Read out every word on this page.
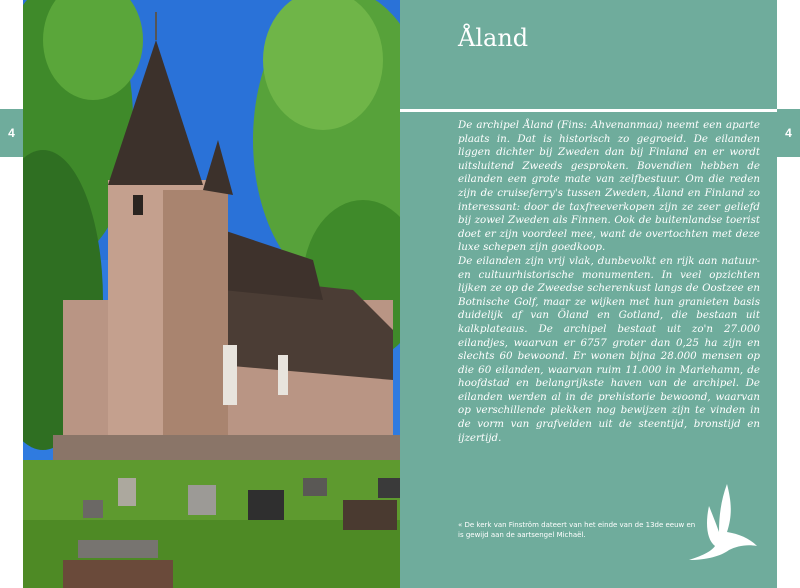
4	4
Åland

De archipel Åland (Fins: Ahvenanmaa) neemt een aparte plaats in. Dat is historisch zo gegroeid. De eilanden liggen dichter bij Zweden dan bij Finland en er wordt uitsluitend Zweeds gesproken. Bovendien hebben de eilanden een grote mate van zelfbestuur. Om die reden zijn de cruiseferry's tussen Zweden, Åland en Finland zo interessant: door de taxfreeverkopen zijn ze zeer geliefd bij zowel Zweden als Finnen. Ook de buitenlandse toerist doet er zijn voordeel mee, want de overtochten met deze luxe schepen zijn goedkoop.

De eilanden zijn vrij vlak, dunbevolkt en rijk aan natuur- en cultuurhistorische monumenten. In veel opzichten lijken ze op de Zweedse scherenkust langs de Oostzee en Botnische Golf, maar ze wijken met hun granieten basis duidelijk af van Öland en Gotland, die bestaan uit kalkplateaus. De archipel bestaat uit zo'n 27.000 eilandjes, waarvan er 6757 groter dan 0,25 ha zijn en slechts 60 bewoond. Er wonen bijna 28.000 mensen op die 60 eilanden, waarvan ruim 11.000 in Mariehamn, de hoofdstad en belangrijkste haven van de archipel. De eilanden werden al in de prehistorie bewoond, waarvan op verschillende plekken nog bewijzen zijn te vinden in de vorm van grafvelden uit de steentijd, bronstijd en ijzertijd.

« De kerk van Finström dateert van het einde van de 13de eeuw en is gewijd aan de aartsengel Michaël.
